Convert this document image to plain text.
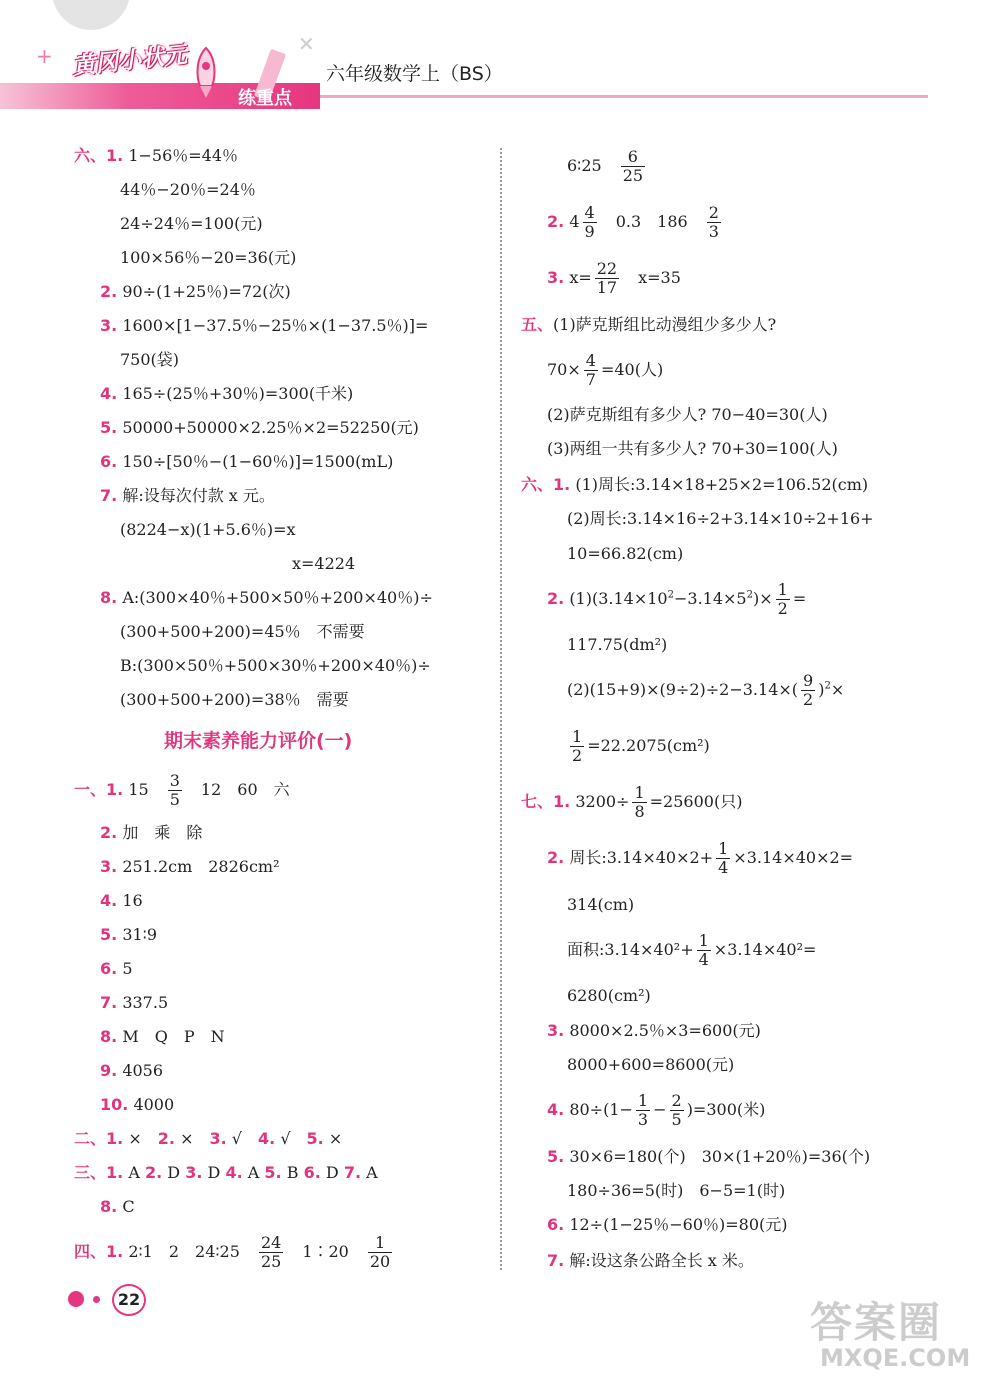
+	✕
黄冈小状元
练重点
六年级数学上（BS）
六、1. 1−56％=44％
44％−20％=24％
24÷24％=100(元)
100×56％−20=36(元)
2. 90÷(1+25％)=72(次)
3. 1600×[1−37.5％−25％×(1−37.5％)]=
750(袋)
4. 165÷(25％+30％)=300(千米)
5. 50000+50000×2.25％×2=52250(元)
6. 150÷[50％−(1−60％)]=1500(mL)
7. 解:设每次付款 x 元。
(8224−x)(1+5.6％)=x
x=4224
8. A:(300×40％+500×50％+200×40％)÷
(300+500+200)=45％　不需要
B:(300×50％+500×30％+200×40％)÷
(300+500+200)=38％　需要
期末素养能力评价(一)
一、1. 15　 $\frac{3}{5}$
　 12　60　六
2. 加　乘　除
3. 251.2cm　2826cm²
4. 16
5. 31∶9
6. 5
7. 337.5
8. M　Q　P　N
9. 4056
10. 4000
二、1. ×　 2. ×　 3. √　 4. √　 5. ×
三、1. A 2. D 3. D 4. A 5. B 6. D 7. A
8. C
四、1. 2∶1　2　24∶25　 $\frac{24}{25}$
　 1∶20　 $\frac{1}{20}$
6∶25　 $\frac{6}{25}$
2. $4 \frac{4}{9}$
　 0.3　186　 $\frac{2}{3}$
3. $x= \frac{22}{17}$
　 x=35
五、(1)萨克斯组比动漫组少多少人?
$70\times \frac{4}{7} =40$(人)
(2)萨克斯组有多少人? 70−40=30(人)
(3)两组一共有多少人? 70+30=100(人)
六、1. (1)周长:3.14×18+25×2=106.52(cm)
(2)周长:3.14×16÷2+3.14×10÷2+16+
10=66.82(cm)
2. $(1)(3.14\times 10^2-3.14\times 5^2)\times \frac{1}{2}$ =
117.75(dm²)
$(2)(15+9)\times(9\div 2)\div 2-3.14\times( \frac{9}{2} )^2\times$
$\frac{1}{2} =22.2075(cm^2)$
七、1. $3200\div \frac{1}{8} =25600$(只)
2. 周长:3.14×40×2+ $\frac{1}{4} \times 3.14\times 40\times 2=$
314(cm)
面积:3.14×40²+ $\frac{1}{4} \times 3.14\times 40^2=$
6280(cm²)
3. 8000×2.5％×3=600(元)
8000+600=8600(元)
4. $80\div(1- \frac{1}{3} - \frac{2}{5} )=300$(米)
5. 30×6=180(个)　30×(1+20％)=36(个)
180÷36=5(时)　6−5=1(时)
6. 12÷(1−25％−60％)=80(元)
7. 解:设这条公路全长 x 米。
22	答案圈
MXQE.COM
